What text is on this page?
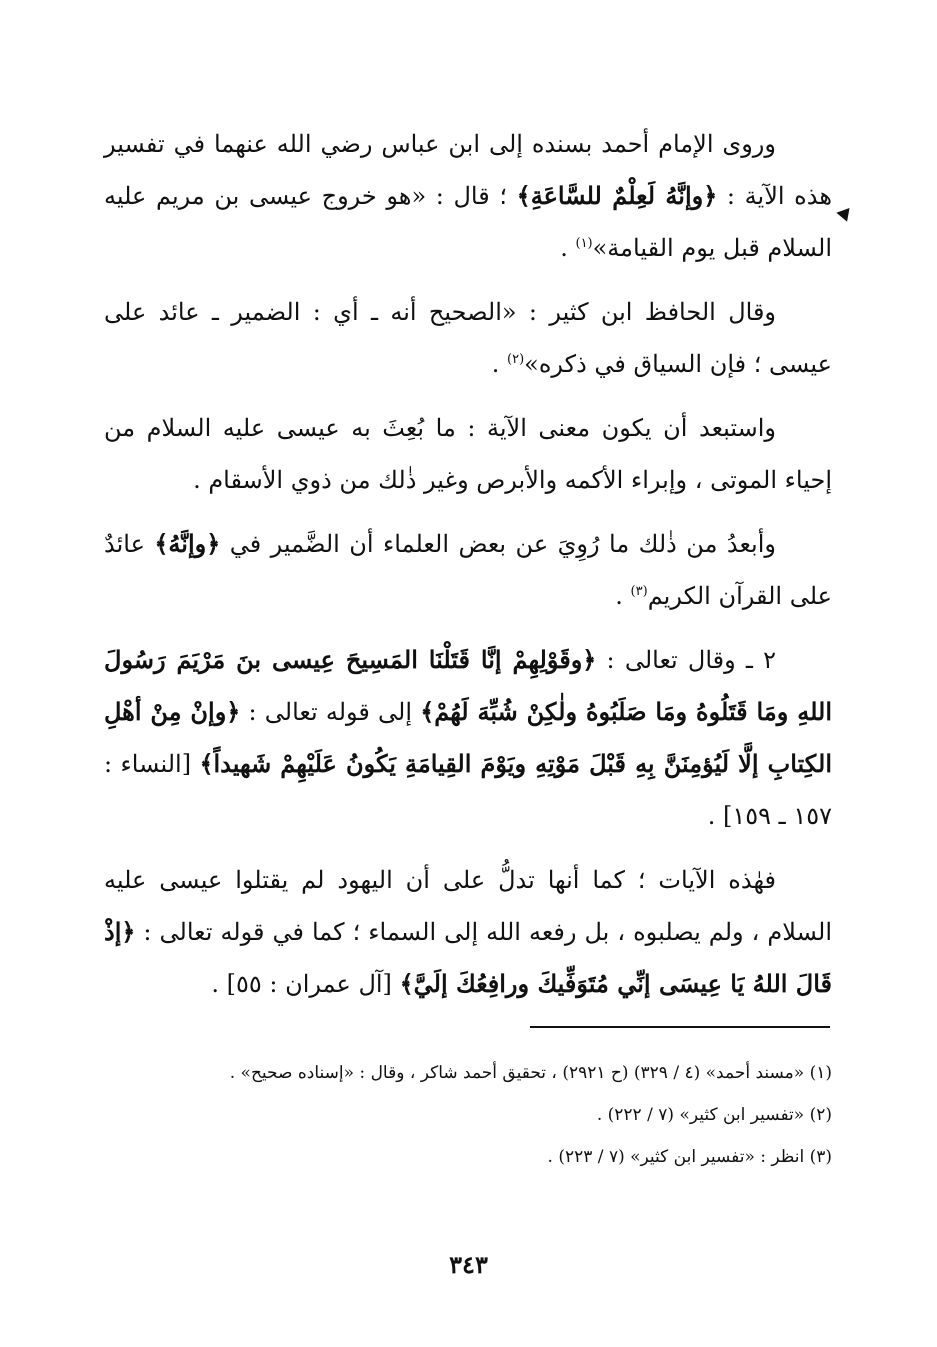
وروى الإمام أحمد بسنده إلى ابن عباس رضي الله عنهما في تفسير هذه الآية : ﴿وإنَّهُ لَعِلْمٌ للسَّاعَةِ﴾ ؛ قال : «هو خروج عيسى بن مريم عليه السلام قبل يوم القيامة»$^{(١)}$ .

وقال الحافظ ابن كثير : «الصحيح أنه ـ أي : الضمير ـ عائد على عيسى ؛ فإن السياق في ذكره»$^{(٢)}$ .

واستبعد أن يكون معنى الآية : ما بُعِثَ به عيسى عليه السلام من إحياء الموتى ، وإبراء الأكمه والأبرص وغير ذٰلك من ذوي الأسقام .

وأبعدُ من ذٰلك ما رُوِيَ عن بعض العلماء أن الضَّمير في ﴿وإنَّهُ﴾ عائدٌ على القرآن الكريم$^{(٣)}$ .

٢ ـ وقال تعالى : ﴿وقَوْلِهِمْ إنَّا قَتَلْنَا المَسِيحَ عِيسى بنَ مَرْيَمَ رَسُولَ اللهِ ومَا قَتَلُوهُ ومَا صَلَبُوهُ ولٰكِنْ شُبِّهَ لَهُمْ﴾ إلى قوله تعالى : ﴿وإنْ مِنْ أهْلِ الكِتابِ إلَّا لَيُؤمِنَنَّ بِهِ قَبْلَ مَوْتِهِ ويَوْمَ القِيامَةِ يَكُونُ عَلَيْهِمْ شَهيداً﴾ [النساء : ١٥٧ ـ ١٥٩] .

فهٰذه الآيات ؛ كما أنها تدلُّ على أن اليهود لم يقتلوا عيسى عليه السلام ، ولم يصلبوه ، بل رفعه الله إلى السماء ؛ كما في قوله تعالى : ﴿إذْ قَالَ اللهُ يَا عِيسَى إنِّي مُتَوَفِّيكَ ورافِعُكَ إلَيَّ﴾ [آل عمران : ٥٥] .

(١) «مسند أحمد» (٤ / ٣٢٩) (ح ٢٩٢١) ، تحقيق أحمد شاكر ، وقال : «إسناده صحيح» .

(٢) «تفسير ابن كثير» (٧ / ٢٢٢) .

(٣) انظر : «تفسير ابن كثير» (٧ / ٢٢٣) .

٣٤٣
